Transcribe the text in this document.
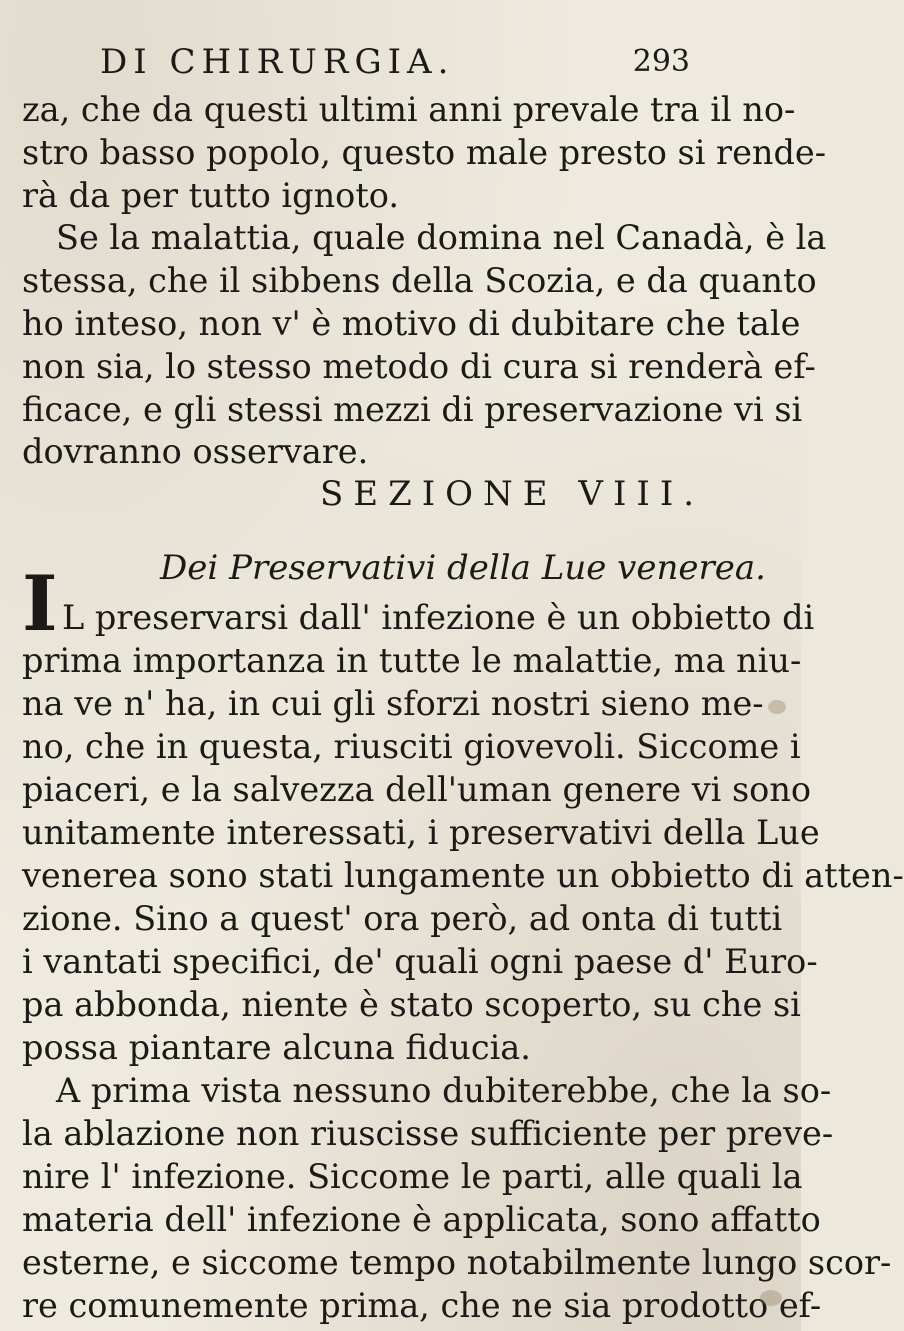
DI CHIRURGIA.	293
za, che da questi ultimi anni prevale tra il no-
stro basso popolo, questo male presto si rende-
rà da per tutto ignoto.
Se la malattia, quale domina nel Canadà, è la
stessa, che il sibbens della Scozia, e da quanto
ho inteso, non v' è motivo di dubitare che tale
non sia, lo stesso metodo di cura si renderà ef-
ficace, e gli stessi mezzi di preservazione vi si
dovranno osservare.
SEZIONE VIII.
Dei Preservativi della Lue venerea.
I L preservarsi dall' infezione è un obbietto di
prima importanza in tutte le malattie, ma niu-
na ve n' ha, in cui gli sforzi nostri sieno me-
no, che in questa, riusciti giovevoli. Siccome i
piaceri, e la salvezza dell'uman genere vi sono
unitamente interessati, i preservativi della Lue
venerea sono stati lungamente un obbietto di atten-
zione. Sino a quest' ora però, ad onta di tutti
i vantati specifici, de' quali ogni paese d' Euro-
pa abbonda, niente è stato scoperto, su che si
possa piantare alcuna fiducia.
A prima vista nessuno dubiterebbe, che la so-
la ablazione non riuscisse sufficiente per preve-
nire l' infezione. Siccome le parti, alle quali la
materia dell' infezione è applicata, sono affatto
esterne, e siccome tempo notabilmente lungo scor-
re comunemente prima, che ne sia prodotto ef-
